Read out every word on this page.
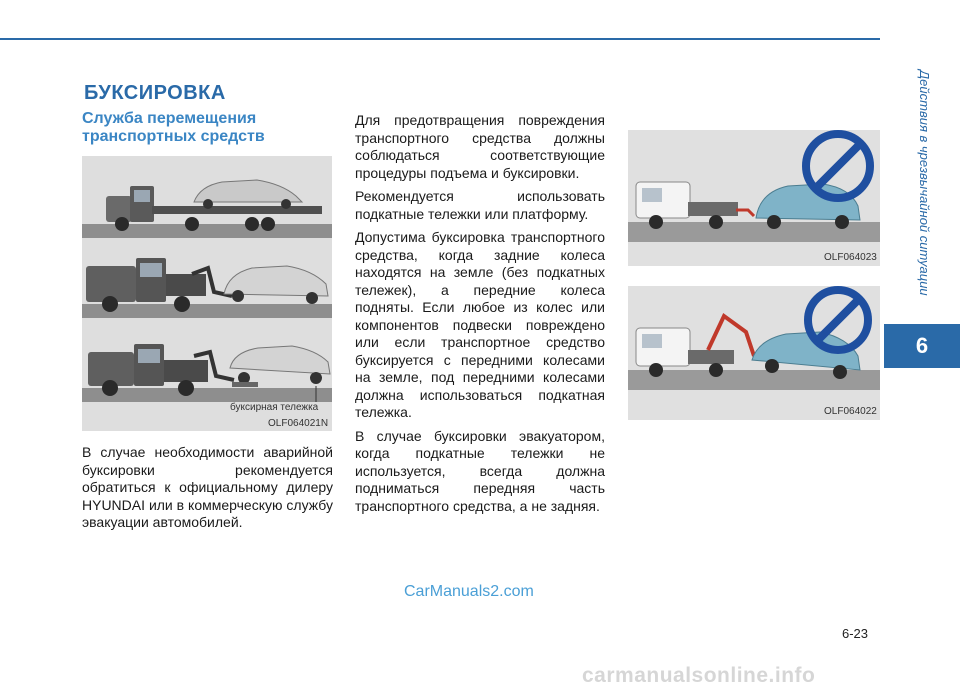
Действия в чрезвычайной ситуации
6
БУКСИРОВКА
Служба перемещения транспортных средств
буксирная тележка
OLF064021N

В случае необходимости аварийной буксировки рекомендуется обратиться к официальному дилеру HYUNDAI или в коммерческую службу эвакуации автомобилей.

Для предотвращения повреждения транспортного средства должны соблюдаться соответствующие процедуры подъема и буксировки.

Рекомендуется использовать подкатные тележки или платформу.

Допустима буксировка транспортного средства, когда задние колеса находятся на земле (без подкатных тележек), а передние колеса подняты. Если любое из колес или компонентов подвески повреждено или если транспортное средство буксируется с передними колесами на земле, под передними колесами должна использоваться подкатная тележка.

В случае буксировки эвакуатором, когда подкатные тележки не используется, всегда должна подниматься передняя часть транспортного средства, а не задняя.

OLF064023
OLF064022
CarManuals2.com
6-23
carmanualsonline.info
